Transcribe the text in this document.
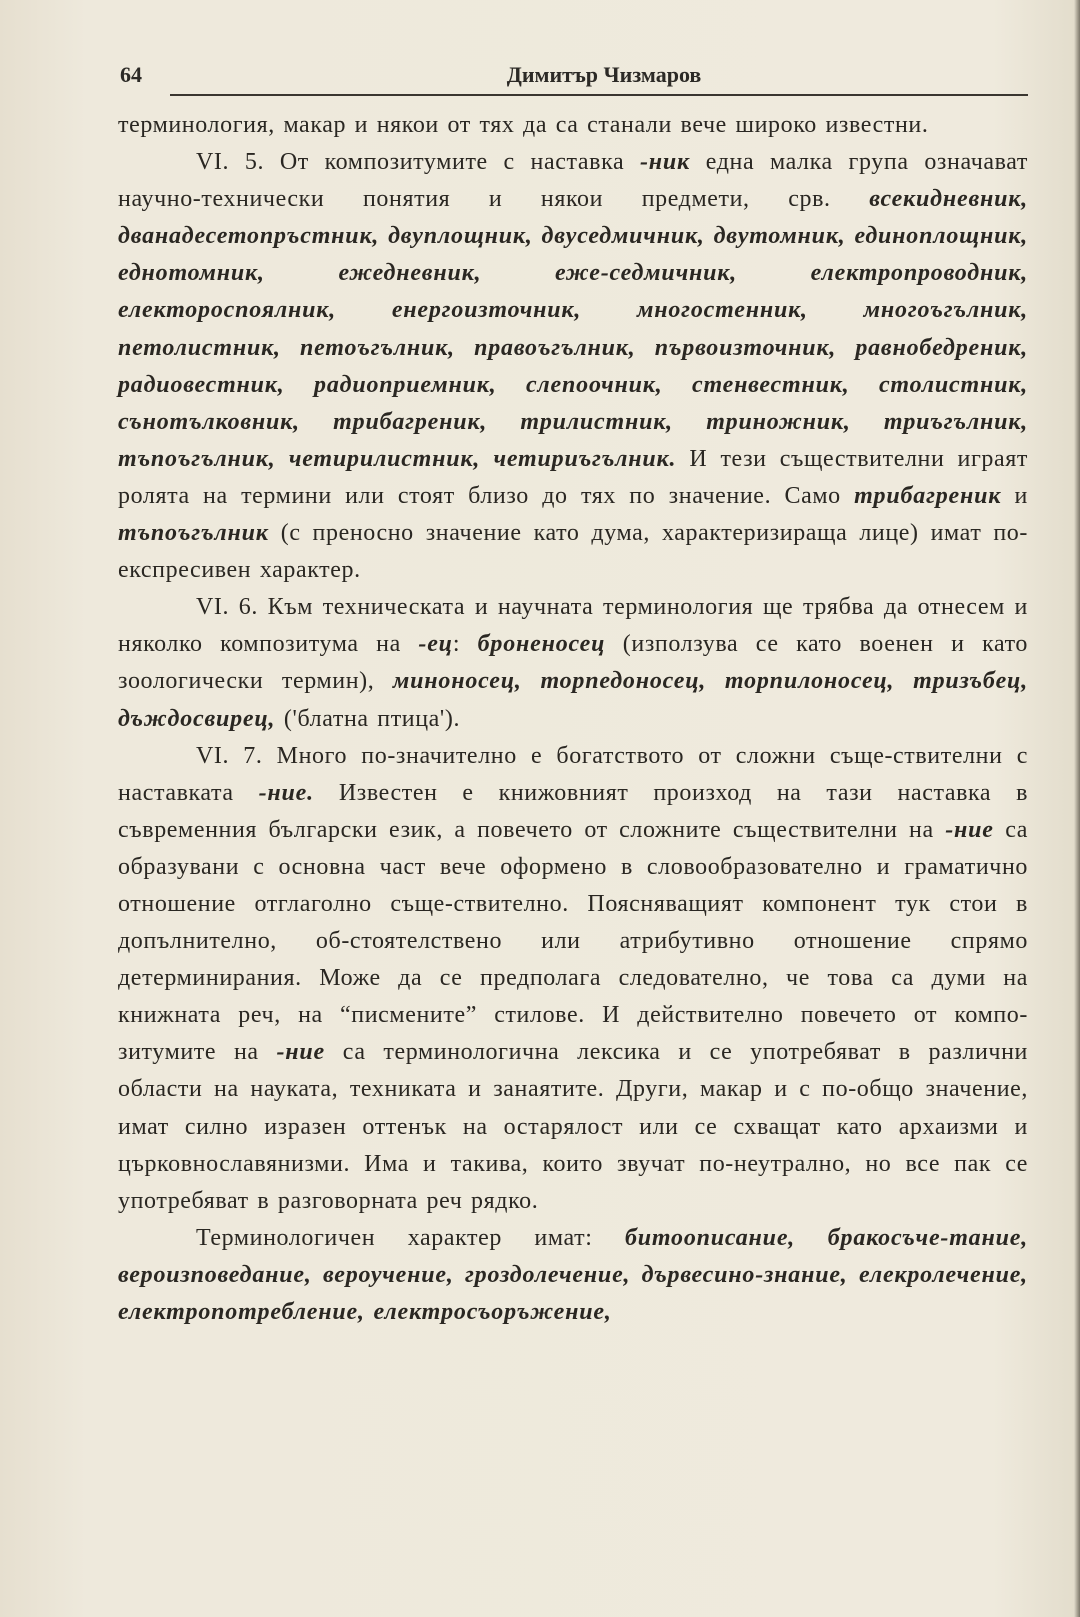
64	Димитър Чизмаров

терминология, макар и някои от тях да са станали вече широко известни.

VI. 5. От композитумите с наставка -ник една малка група означават научно-технически понятия и някои предмети, срв. всекидневник, дванадесетопръстник, двуплощник, двуседмичник, двутомник, единоплощник, еднотомник, ежедневник, еже-седмичник, електропроводник, електороспоялник, енергоизточник, многостенник, многоъгълник, петолистник, петоъгълник, правоъгълник, първоизточник, равнобедреник, радиовестник, радиоприемник, слепоочник, стенвестник, столистник, сънотълковник, трибагреник, трилистник, триножник, триъгълник, тъпоъгълник, четирилистник, четириъгълник. И тези съществителни играят ролята на термини или стоят близо до тях по значение. Само трибагреник и тъпоъгълник (с преносно значение като дума, характеризираща лице) имат по-експресивен характер.

VI. 6. Към техническата и научната терминология ще трябва да отнесем и няколко композитума на -ец: броненосец (използува се като военен и като зоологически термин), миноносец, торпедоносец, торпилоносец, тризъбец, дъждосвирец, ('блатна птица').

VI. 7. Много по-значително е богатството от сложни съще-ствителни с наставката -ние. Известен е книжовният произход на тази наставка в съвременния български език, а повечето от сложните съществителни на -ние са образувани с основна част вече оформено в словообразователно и граматично отношение отглаголно съще-ствително. Поясняващият компонент тук стои в допълнително, об-стоятелствено или атрибутивно отношение спрямо детерминирания. Може да се предполага следователно, че това са думи на книжната реч, на “писмените” стилове. И действително повечето от компо-зитумите на -ние са терминологична лексика и се употребяват в различни области на науката, техниката и занаятите. Други, макар и с по-общо значение, имат силно изразен оттенък на остарялост или се схващат като архаизми и църковнославянизми. Има и такива, които звучат по-неутрално, но все пак се употребяват в разговорната реч рядко.

Терминологичен характер имат: битоописание, бракосъче-тание, вероизповедание, вероучение, гроздолечение, дървесино-знание, елекролечение, електропотребление, електросъоръжение,
